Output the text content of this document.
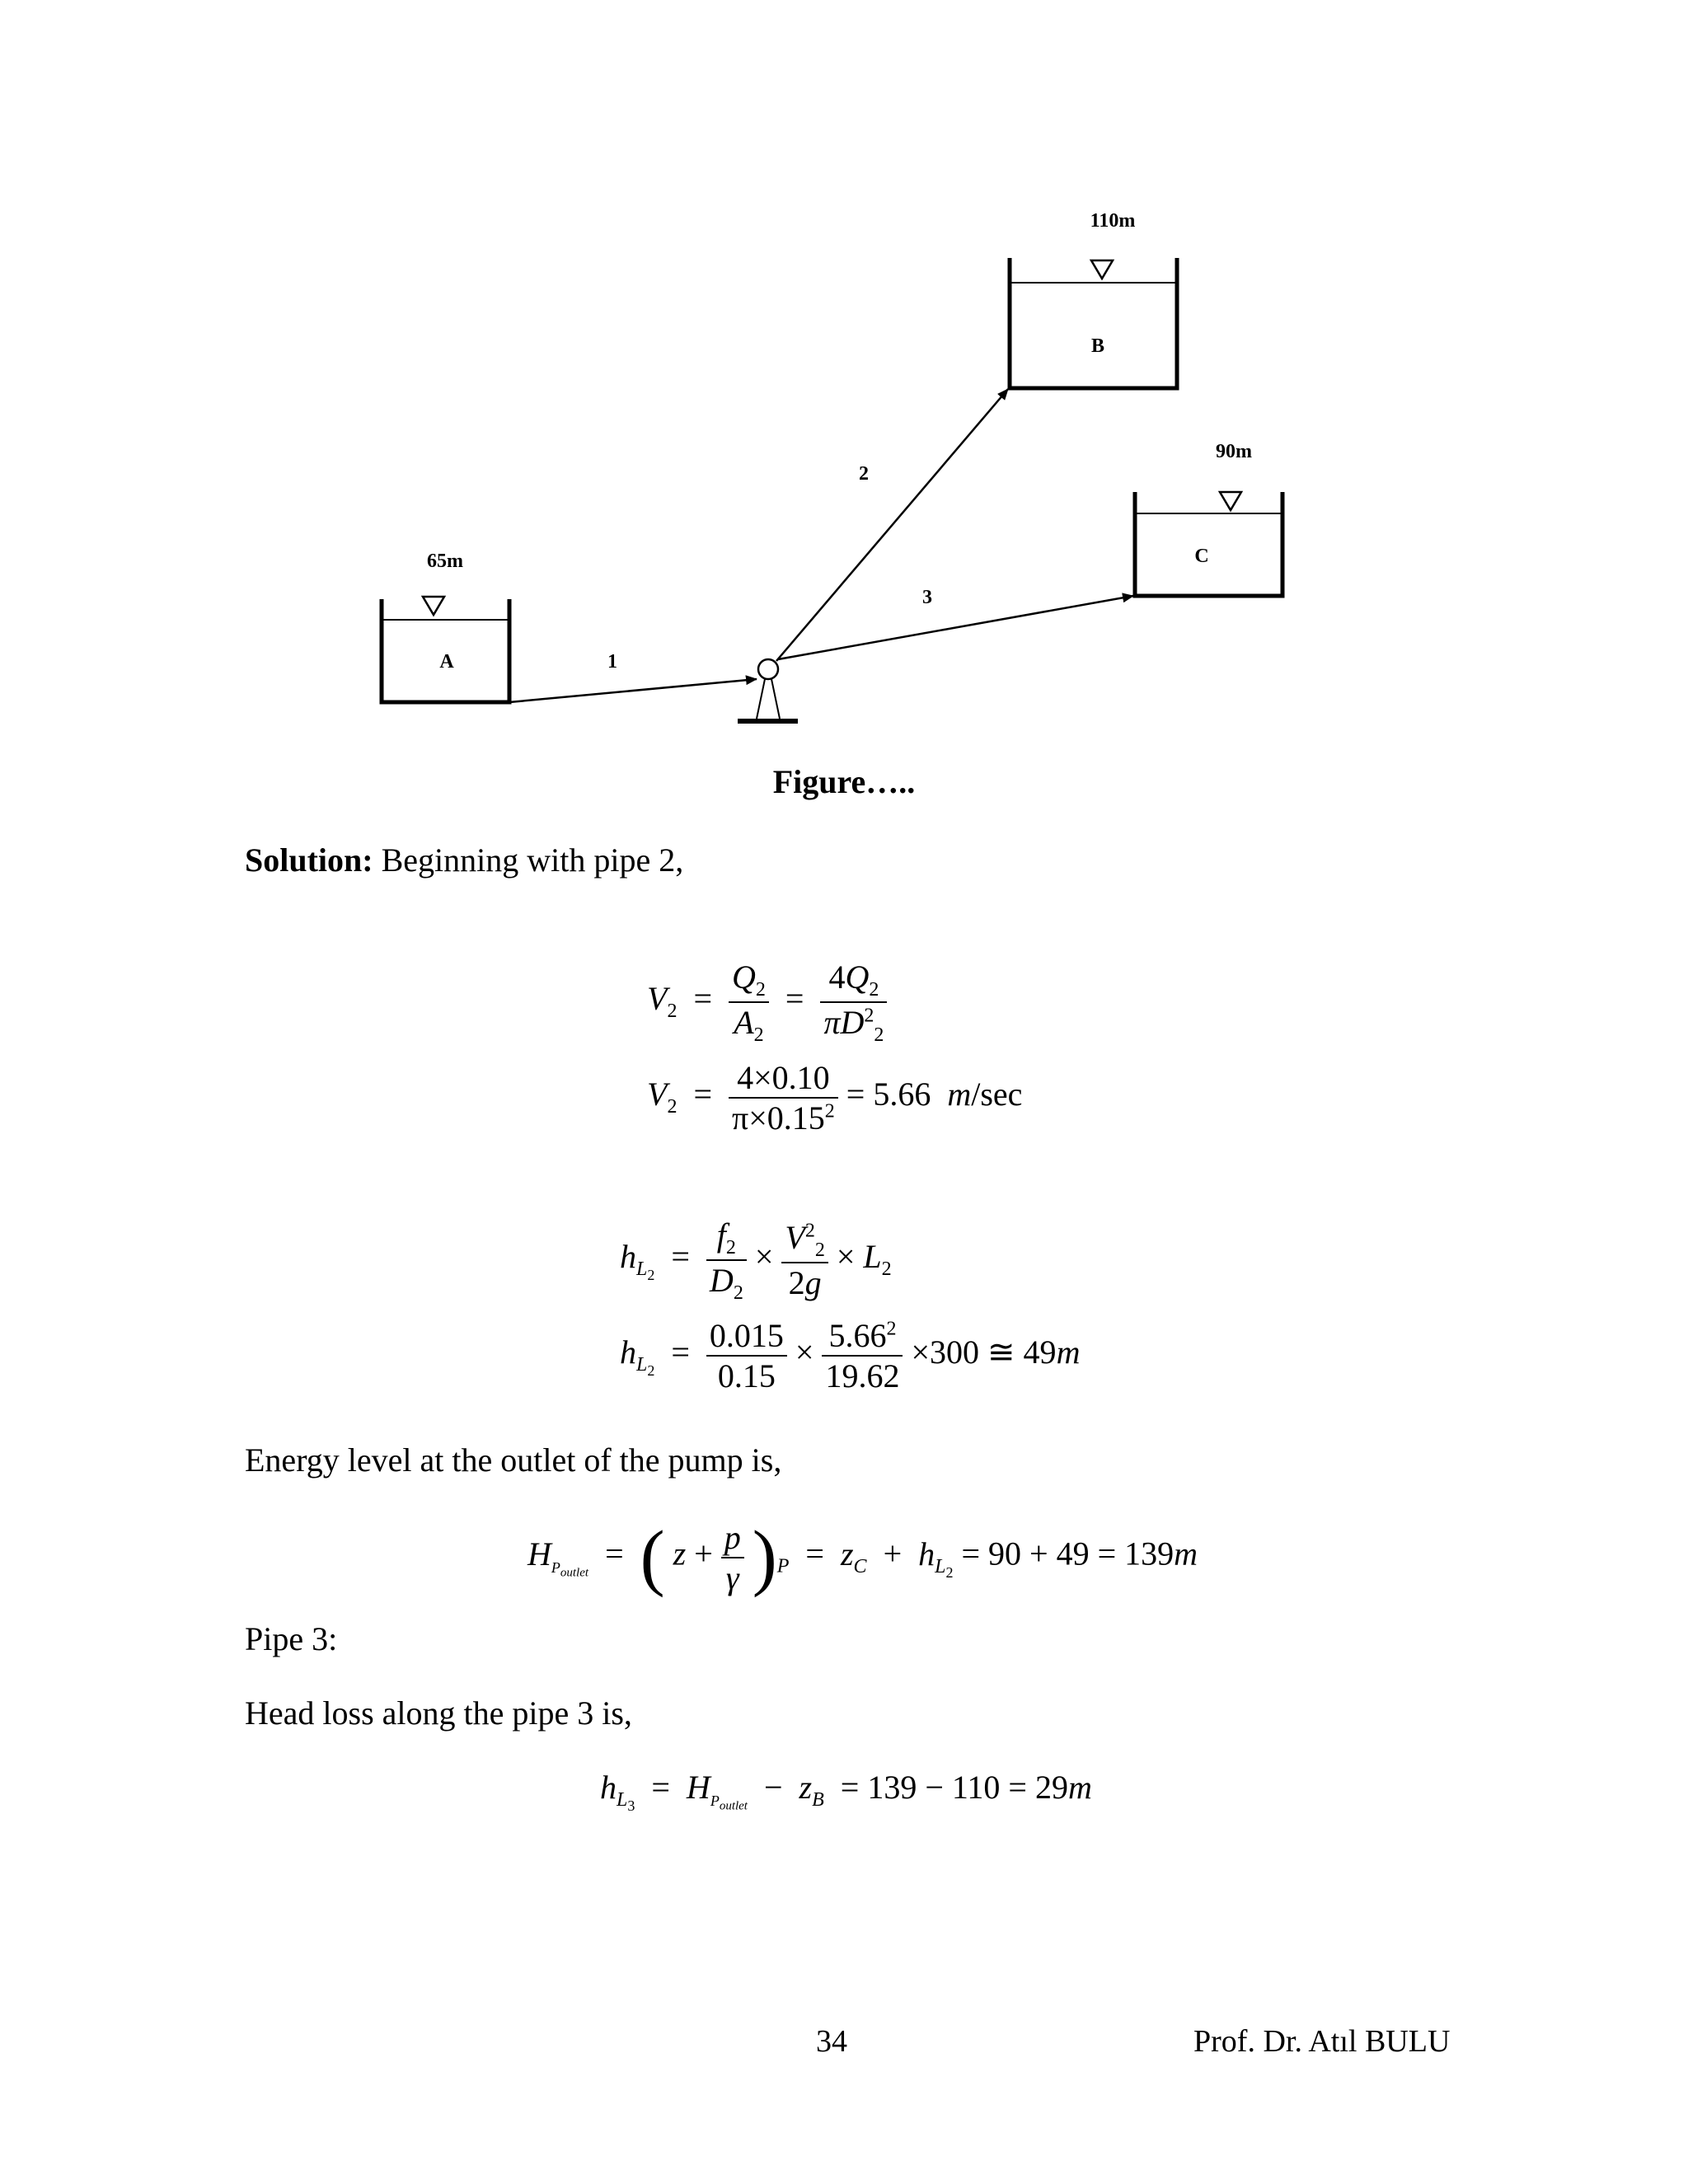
65m
A
110m
B
90m
C
1
2
3
Figure…..
Solution: Beginning with pipe 2,
$V_2 = \frac{Q_2}{A_2} = \frac{4Q_2}{\pi D^2_2}$
$V_2 = \frac{4\times 0.10}{\pi\times 0.15^2} = 5.66$  m/sec
$h_{L_2} = \frac{f_2}{D_2} \times \frac{V^2_2}{2g} \times L_2$
$h_{L_2} = \frac{0.015}{0.15} \times \frac{5.66^2}{19.62} \times 300$ ≅ 49m
Energy level at the outlet of the pump is,
$H_{P_{outlet}}$  =  ( $z + \frac{p}{\gamma} )_P = z_C + h_{L_2} = 90 + 49 = 139m$
Pipe 3:
Head loss along the pipe 3 is,
$h_{L_3} = H_{P_{outlet}} - z_B = 139 - 110 = 29m$
34	Prof. Dr. Atıl BULU
